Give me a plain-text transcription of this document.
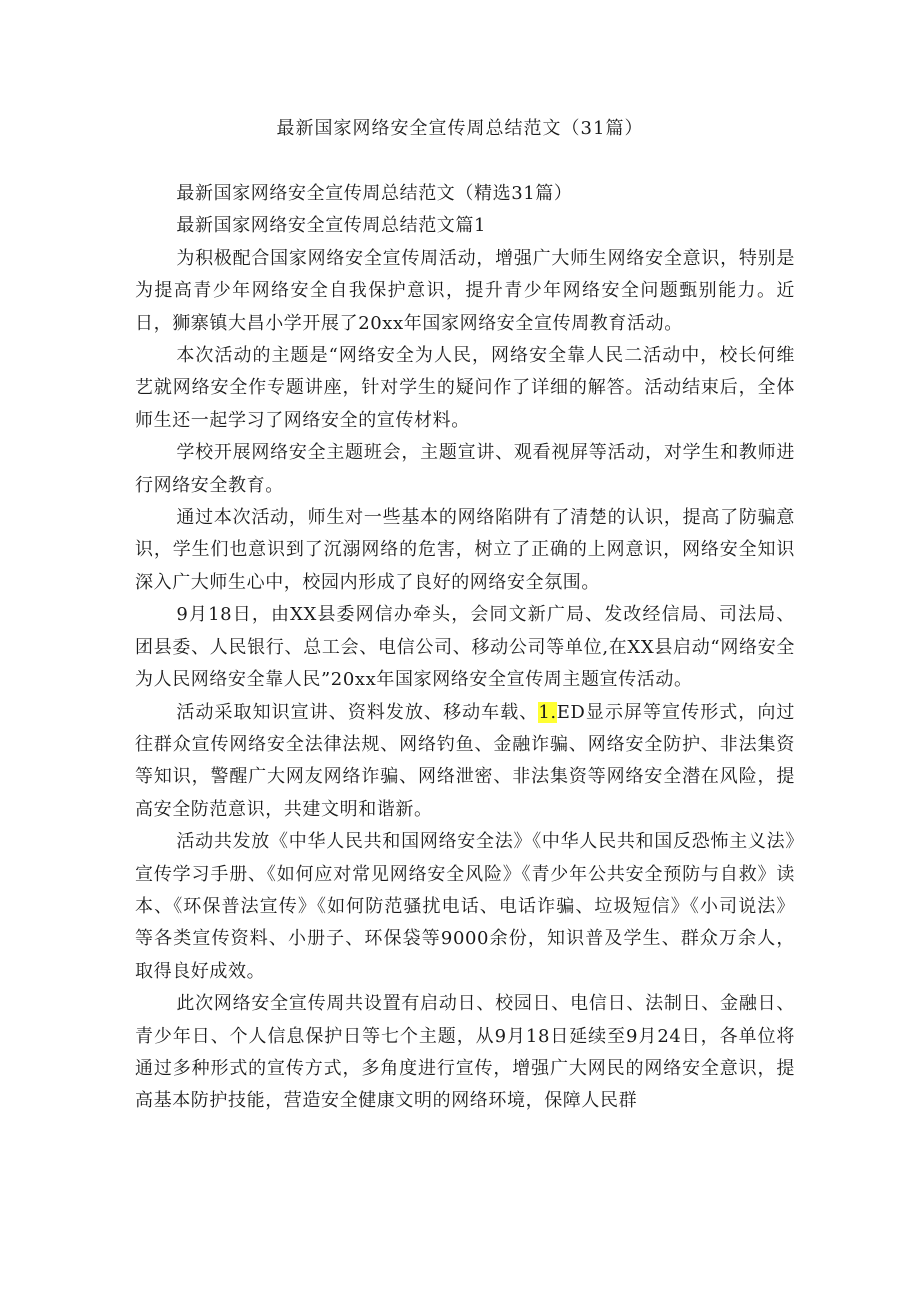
最新国家网络安全宣传周总结范文（31篇）

最新国家网络安全宣传周总结范文（精选31篇）

最新国家网络安全宣传周总结范文篇1

为积极配合国家网络安全宣传周活动，增强广大师生网络安全意识，特别是为提高青少年网络安全自我保护意识，提升青少年网络安全问题甄别能力。近日，狮寨镇大昌小学开展了20xx年国家网络安全宣传周教育活动。

本次活动的主题是“网络安全为人民，网络安全靠人民二活动中，校长何维艺就网络安全作专题讲座，针对学生的疑问作了详细的解答。活动结束后，全体师生还一起学习了网络安全的宣传材料。

学校开展网络安全主题班会，主题宣讲、观看视屏等活动，对学生和教师进行网络安全教育。

通过本次活动，师生对一些基本的网络陷阱有了清楚的认识，提高了防骗意识，学生们也意识到了沉溺网络的危害，树立了正确的上网意识，网络安全知识深入广大师生心中，校园内形成了良好的网络安全氛围。

9月18日，由XX县委网信办牵头，会同文新广局、发改经信局、司法局、团县委、人民银行、总工会、电信公司、移动公司等单位,在XX县启动“网络安全为人民网络安全靠人民”20xx年国家网络安全宣传周主题宣传活动。

活动采取知识宣讲、资料发放、移动车载、1.ED显示屏等宣传形式，向过往群众宣传网络安全法律法规、网络钓鱼、金融诈骗、网络安全防护、非法集资等知识，警醒广大网友网络诈骗、网络泄密、非法集资等网络安全潜在风险，提高安全防范意识，共建文明和谐新。

活动共发放《中华人民共和国网络安全法》《中华人民共和国反恐怖主义法》宣传学习手册、《如何应对常见网络安全风险》《青少年公共安全预防与自救》读本、《环保普法宣传》《如何防范骚扰电话、电话诈骗、垃圾短信》《小司说法》等各类宣传资料、小册子、环保袋等9000余份，知识普及学生、群众万余人，取得良好成效。

此次网络安全宣传周共设置有启动日、校园日、电信日、法制日、金融日、青少年日、个人信息保护日等七个主题，从9月18日延续至9月24日，各单位将通过多种形式的宣传方式，多角度进行宣传，增强广大网民的网络安全意识，提高基本防护技能，营造安全健康文明的网络环境，保障人民群
